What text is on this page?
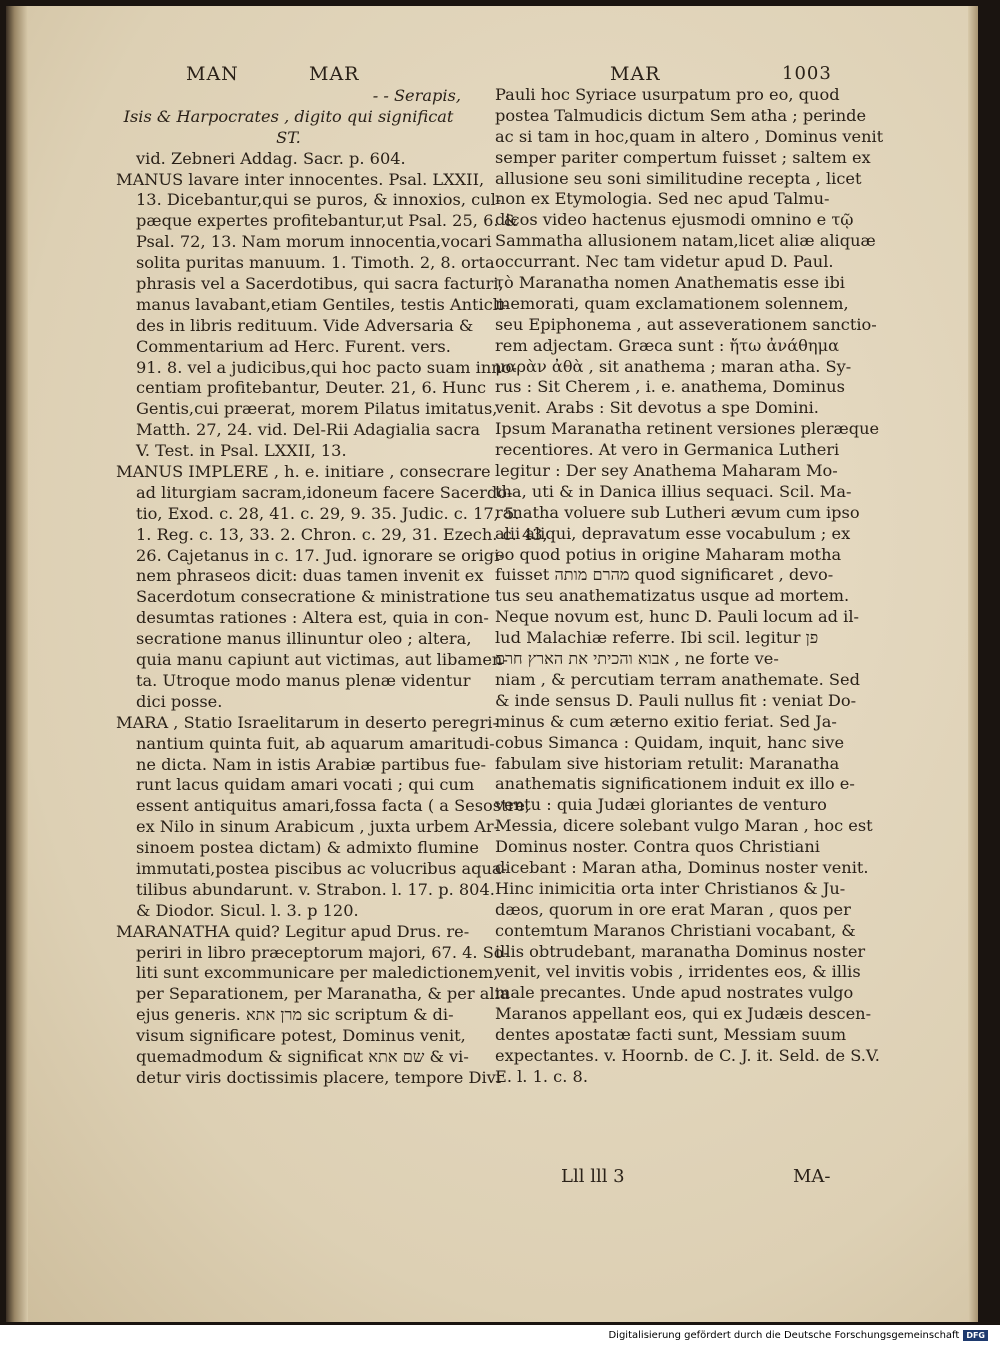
MAN	MAR	MAR	1003
- - Serapis,
Isis & Harpocrates , digito qui significat
ST.
vid. Zebneri Addag. Sacr. p. 604.
MANUS lavare inter innocentes. Psal. LXXII,
13. Dicebantur,qui se puros, & innoxios, cul-
pæque expertes profitebantur,ut Psal. 25, 6. &
Psal. 72, 13. Nam morum innocentia,vocari
solita puritas manuum. 1. Timoth. 2, 8. orta
phrasis vel a Sacerdotibus, qui sacra facturi,
manus lavabant,etiam Gentiles, testis Anticli-
des in libris redituum. Vide Adversaria &
Commentarium ad Herc. Furent. vers.
91. 8. vel a judicibus,qui hoc pacto suam inno-
centiam profitebantur, Deuter. 21, 6. Hunc
Gentis,cui præerat, morem Pilatus imitatus,
Matth. 27, 24. vid. Del-Rii Adagialia sacra
V. Test. in Psal. LXXII, 13.
MANUS IMPLERE , h. e. initiare , consecrare
ad liturgiam sacram,idoneum facere Sacerdo-
tio, Exod. c. 28, 41. c. 29, 9. 35. Judic. c. 17, 5.
1. Reg. c. 13, 33. 2. Chron. c. 29, 31. Ezech. c. 43,
26. Cajetanus in c. 17. Jud. ignorare se origi-
nem phraseos dicit: duas tamen invenit ex
Sacerdotum consecratione & ministratione
desumtas rationes : Altera est, quia in con-
secratione manus illinuntur oleo ; altera,
quia manu capiunt aut victimas, aut libamen-
ta. Utroque modo manus plenæ videntur
dici posse.
MARA , Statio Israelitarum in deserto peregri-
nantium quinta fuit, ab aquarum amaritudi-
ne dicta. Nam in istis Arabiæ partibus fue-
runt lacus quidam amari vocati ; qui cum
essent antiquitus amari,fossa facta ( a Sesostre,
ex Nilo in sinum Arabicum , juxta urbem Ar-
sinoem postea dictam) & admixto flumine
immutati,postea piscibus ac volucribus aqua-
tilibus abundarunt. v. Strabon. l. 17. p. 804.
& Diodor. Sicul. l. 3. p 120.
MARANATHA quid? Legitur apud Drus. re-
periri in libro præceptorum majori, 67. 4. So-
liti sunt excommunicare per maledictionem,
per Separationem, per Maranatha, & per alia
ejus generis. מרן אתא sic scriptum & di-
visum significare potest, Dominus venit,
quemadmodum & significat שם אתא & vi-
detur viris doctissimis placere, tempore Divi
Pauli hoc Syriace usurpatum pro eo, quod
postea Talmudicis dictum Sem atha ; perinde
ac si tam in hoc,quam in altero , Dominus venit
semper pariter compertum fuisset ; saltem ex
allusione seu soni similitudine recepta , licet
non ex Etymologia. Sed nec apud Talmu-
dicos video hactenus ejusmodi omnino e τῷ
Sammatha allusionem natam,licet aliæ aliquæ
occurrant. Nec tam videtur apud D. Paul.
τὸ Maranatha nomen Anathematis esse ibi
memorati, quam exclamationem solennem,
seu Epiphonema , aut asseverationem sanctio-
rem adjectam. Græca sunt : ἤτω ἀνάθημα
μαρὰν ἀθὰ , sit anathema ; maran atha. Sy-
rus : Sit Cherem , i. e. anathema, Dominus
venit. Arabs : Sit devotus a spe Domini.
Ipsum Maranatha retinent versiones pleræque
recentiores. At vero in Germanica Lutheri
legitur : Der sey Anathema Maharam Mo-
tha, uti & in Danica illius sequaci. Scil. Ma-
ranatha voluere sub Lutheri ævum cum ipso
alii aliqui, depravatum esse vocabulum ; ex
eo quod potius in origine Maharam motha
fuisset מהרם מותה quod significaret , devo-
tus seu anathematizatus usque ad mortem.
Neque novum est, hunc D. Pauli locum ad il-
lud Malachiæ referre. Ibi scil. legitur פן
אבוא והכיתי את הארץ חרם , ne forte ve-
niam , & percutiam terram anathemate. Sed
& inde sensus D. Pauli nullus fit : veniat Do-
minus & cum æterno exitio feriat. Sed Ja-
cobus Simanca : Quidam, inquit, hanc sive
fabulam sive historiam retulit: Maranatha
anathematis significationem induit ex illo e-
ventu : quia Judæi gloriantes de venturo
Messia, dicere solebant vulgo Maran , hoc est
Dominus noster. Contra quos Christiani
dicebant : Maran atha, Dominus noster venit.
Hinc inimicitia orta inter Christianos & Ju-
dæos, quorum in ore erat Maran , quos per
contemtum Maranos Christiani vocabant, &
illis obtrudebant, maranatha Dominus noster
venit, vel invitis vobis , irridentes eos, & illis
male precantes. Unde apud nostrates vulgo
Maranos appellant eos, qui ex Judæis descen-
dentes apostatæ facti sunt, Messiam suum
expectantes. v. Hoornb. de C. J. it. Seld. de S.V.
E. l. 1. c. 8.
Lll lll 3	MA-
Digitalisierung gefördert durch die Deutsche Forschungsgemeinschaft DFG
